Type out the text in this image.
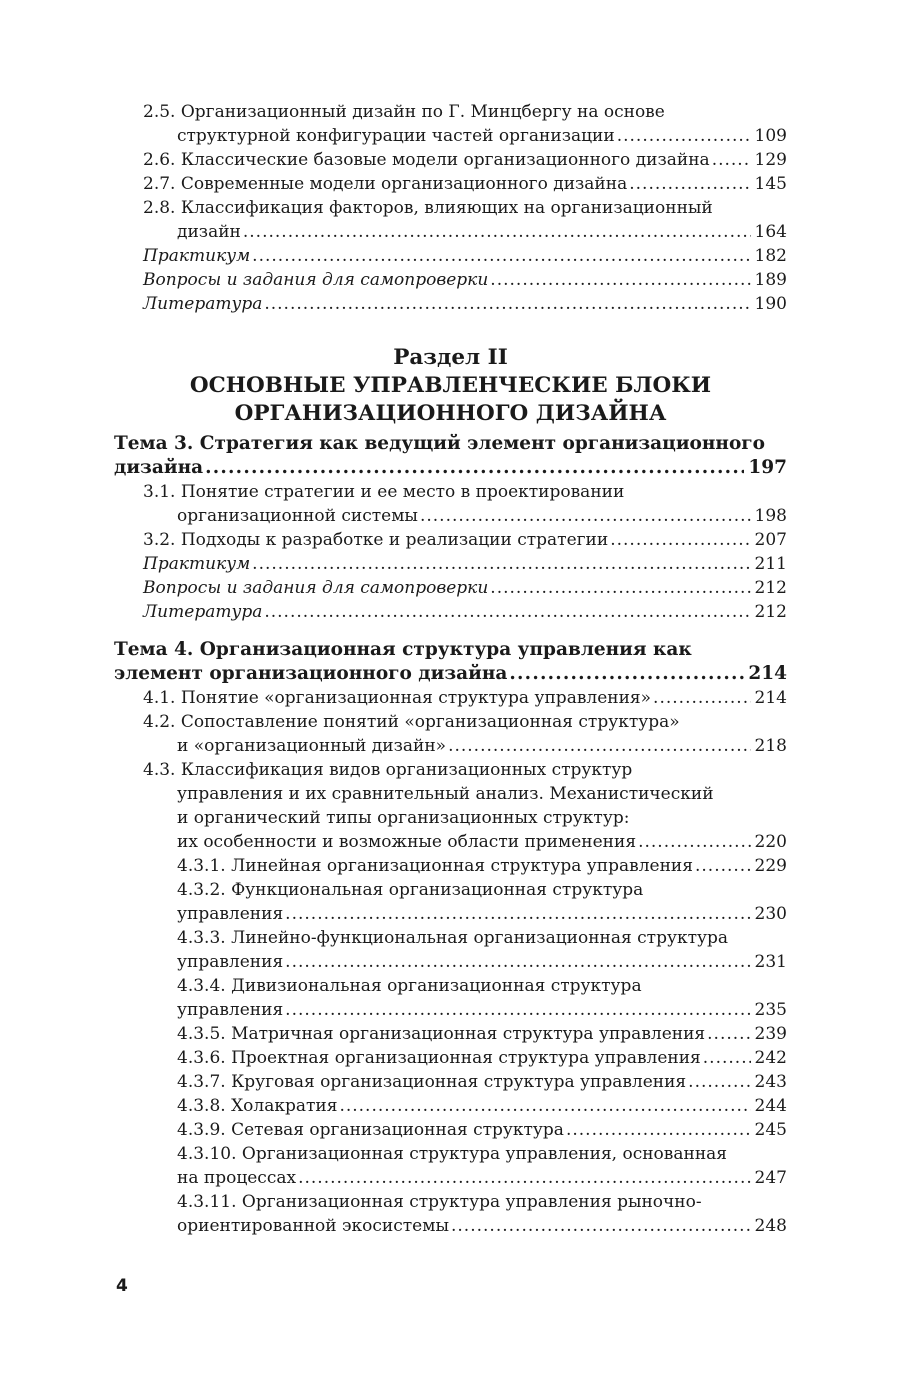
2.5. Организационный дизайн по Г. Минцбергу на основе
структурной конфигурации частей организации .....	109
2.6. Классические базовые модели организационного дизайна .....	129
2.7. Современные модели организационного дизайна .....	145
2.8. Классификация факторов, влияющих на организационный
дизайн .....	164
Практикум .....	182
Вопросы и задания для самопроверки .....	189
Литература .....	190
Раздел II
ОСНОВНЫЕ УПРАВЛЕНЧЕСКИЕ БЛОКИ
ОРГАНИЗАЦИОННОГО ДИЗАЙНА
Тема 3. Стратегия как ведущий элемент организационного
дизайна .....	197
3.1. Понятие стратегии и ее место в проектировании
организационной системы .....	198
3.2. Подходы к разработке и реализации стратегии .....	207
Практикум .....	211
Вопросы и задания для самопроверки .....	212
Литература .....	212
Тема 4. Организационная структура управления как
элемент организационного дизайна .....	214
4.1. Понятие «организационная структура управления» .....	214
4.2. Сопоставление понятий «организационная структура»
и «организационный дизайн» .....	218
4.3. Классификация видов организационных структур
управления и их сравнительный анализ. Механистический
и органический типы организационных структур:
их особенности и возможные области применения .....	220
4.3.1. Линейная организационная структура управления .....	229
4.3.2. Функциональная организационная структура
управления .....	230
4.3.3. Линейно-функциональная организационная структура
управления .....	231
4.3.4. Дивизиональная организационная структура
управления .....	235
4.3.5. Матричная организационная структура управления .....	239
4.3.6. Проектная организационная структура управления .....	242
4.3.7. Круговая организационная структура управления .....	243
4.3.8. Холакратия .....	244
4.3.9. Сетевая организационная структура .....	245
4.3.10. Организационная структура управления, основанная
на процессах .....	247
4.3.11. Организационная структура управления рыночно-
ориентированной экосистемы .....	248
4
